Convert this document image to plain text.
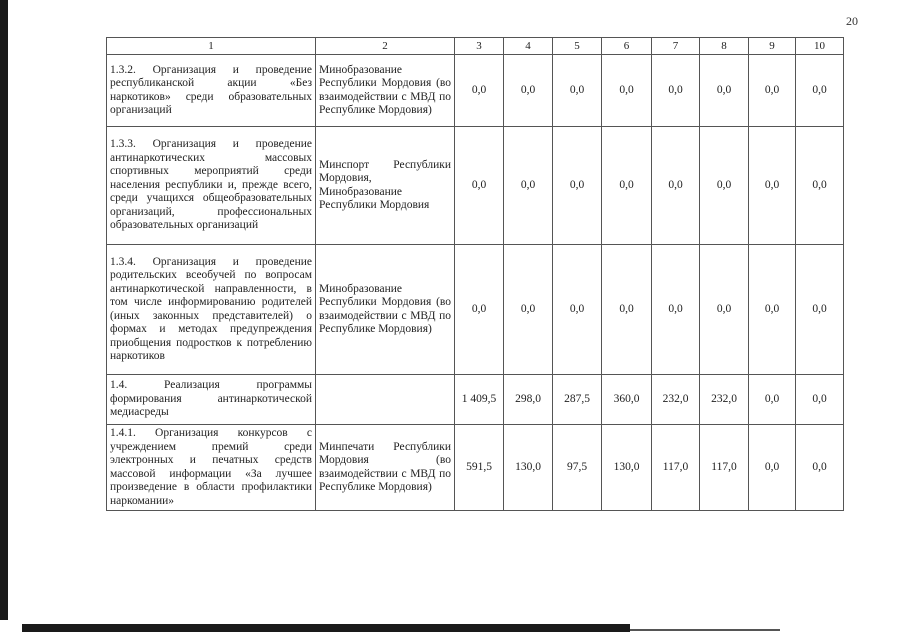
20
1	2	3	4	5	6	7	8	9	10
1.3.2. Организация и проведение республиканской акции «Без наркотиков» среди образовательных организаций	Минобразование Республики Мордовия (во взаимодействии с МВД по Республике Мордовия)	0,0	0,0	0,0	0,0	0,0	0,0	0,0	0,0
1.3.3. Организация и проведение антинаркотических массовых спортивных мероприятий среди населения республики и, прежде всего, среди учащихся общеобразовательных организаций, профессиональных образовательных организаций	Минспорт Республики Мордовия, Минобразование Республики Мордовия	0,0	0,0	0,0	0,0	0,0	0,0	0,0	0,0
1.3.4. Организация и проведение родительских всеобучей по вопросам антинаркотической направленности, в том числе информированию родителей (иных законных представителей) о формах и методах предупреждения приобщения подростков к потреблению наркотиков	Минобразование Республики Мордовия (во взаимодействии с МВД по Республике Мордовия)	0,0	0,0	0,0	0,0	0,0	0,0	0,0	0,0
1.4. Реализация программы формирования антинаркотической медиасреды		1 409,5	298,0	287,5	360,0	232,0	232,0	0,0	0,0
1.4.1. Организация конкурсов с учреждением премий среди электронных и печатных средств массовой информации «За лучшее произведение в области профилактики наркомании»	Минпечати Республики Мордовия (во взаимодействии с МВД по Республике Мордовия)	591,5	130,0	97,5	130,0	117,0	117,0	0,0	0,0
